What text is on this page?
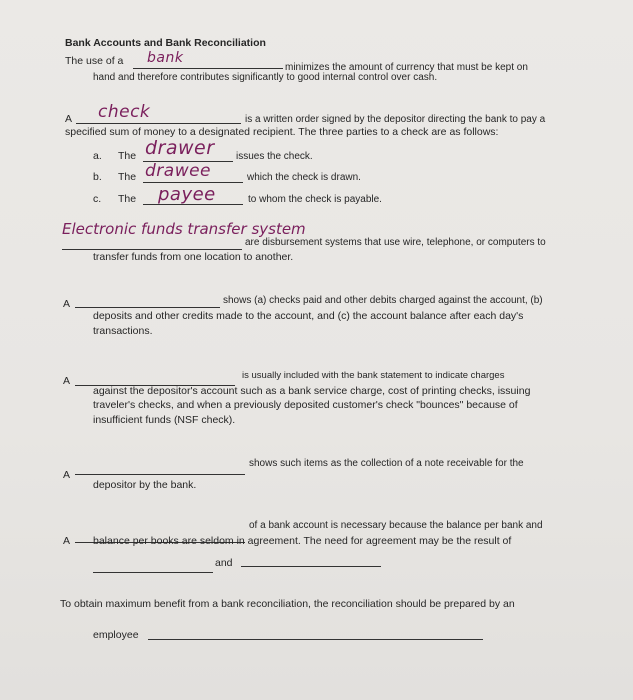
Bank Accounts and Bank Reconciliation
The use of a bank
minimizes the amount of currency that must be kept on
hand and therefore contributes significantly to good internal control over cash.
A check	is a written order signed by the depositor directing the bank to pay a
specified sum of money to a designated recipient. The three parties to a check are as follows:
a. The drawer issues the check.
b. The drawee	which the check is drawn.
c. The payee	to whom the check is payable.
Electronic funds transfer system
are disbursement systems that use wire, telephone, or computers to
transfer funds from one location to another.
A	shows (a) checks paid and other debits charged against the account, (b)
deposits and other credits made to the account, and (c) the account balance after each day's
transactions.
A	is usually included with the bank statement to indicate charges
against the depositor's account such as a bank service charge, cost of printing checks, issuing
traveler's checks, and when a previously deposited customer's check "bounces" because of
insufficient funds (NSF check).
A
shows such items as the collection of a note receivable for the
depositor by the bank.
A
of a bank account is necessary because the balance per bank and
balance per books are seldom in agreement. The need for agreement may be the result of
and
To obtain maximum benefit from a bank reconciliation, the reconciliation should be prepared by an
employee
